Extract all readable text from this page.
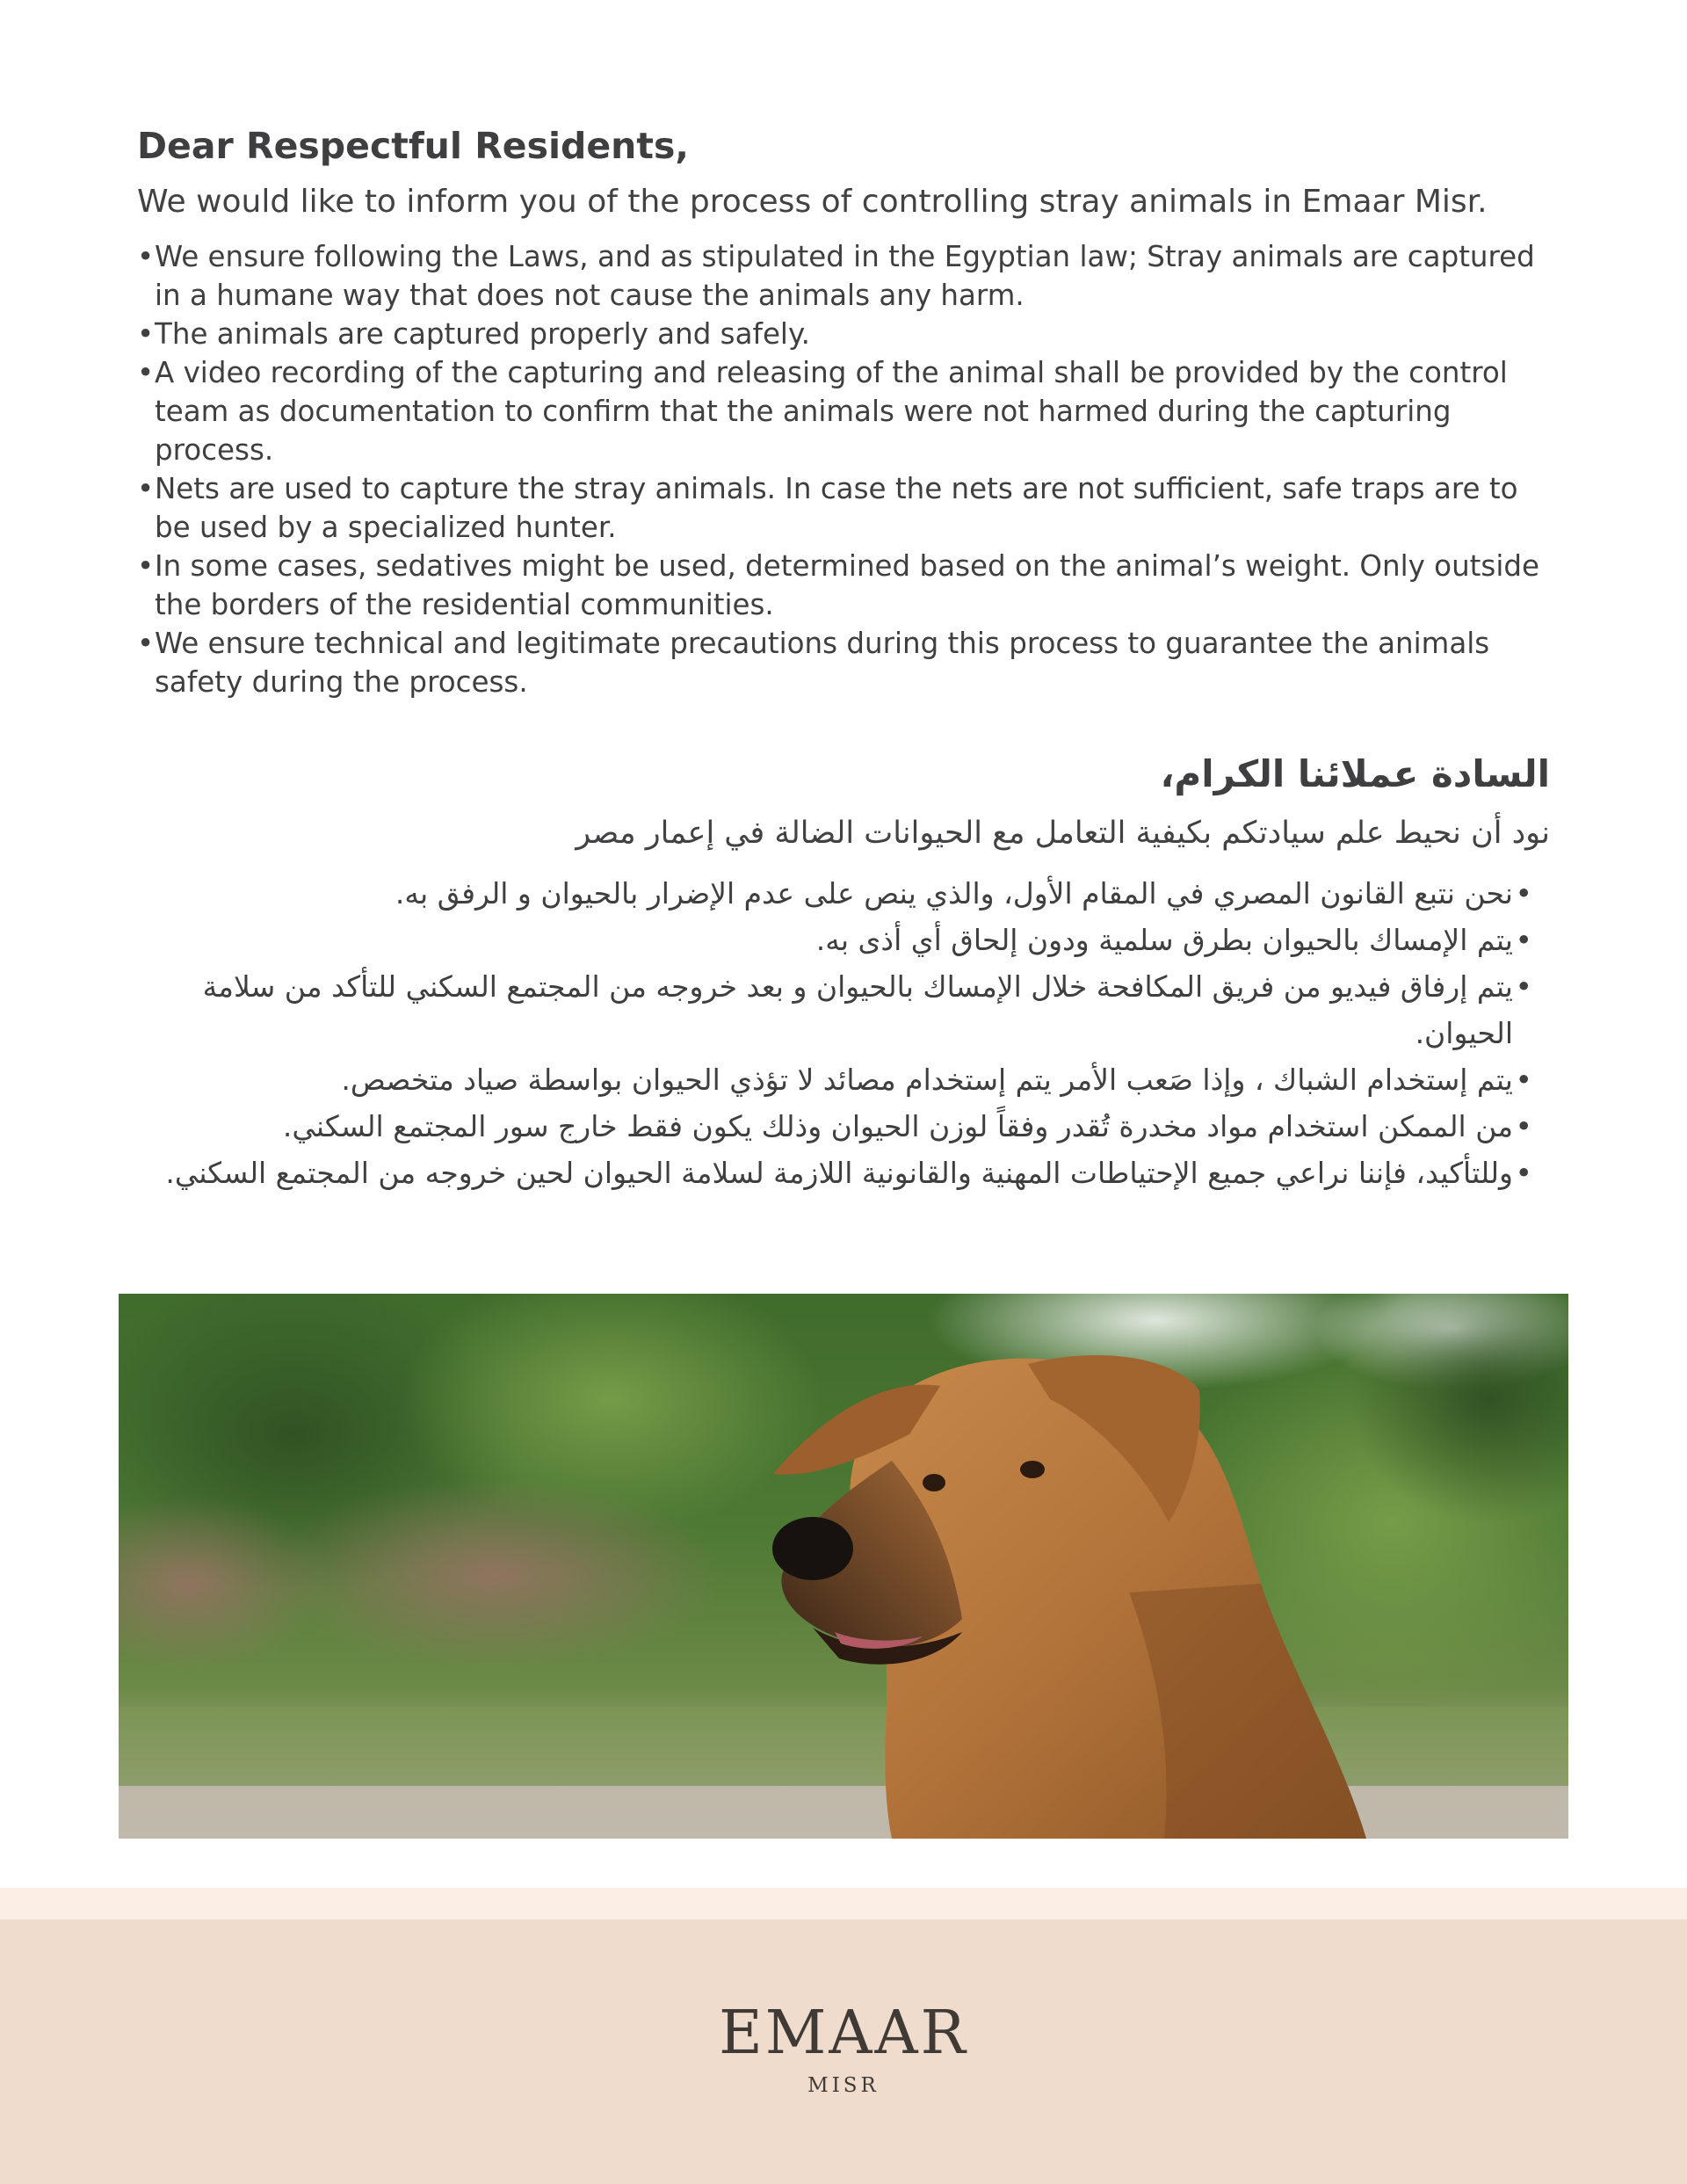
Dear Respectful Residents,

We would like to inform you of the process of controlling stray animals in Emaar Misr.

• We ensure following the Laws, and as stipulated in the Egyptian law; Stray animals are captured in a humane way that does not cause the animals any harm.
• The animals are captured properly and safely.
• A video recording of the capturing and releasing of the animal shall be provided by the control team as documentation to confirm that the animals were not harmed during the capturing process.
• Nets are used to capture the stray animals. In case the nets are not sufficient, safe traps are to be used by a specialized hunter.
• In some cases, sedatives might be used, determined based on the animal’s weight. Only outside the borders of the residential communities.
• We ensure technical and legitimate precautions during this process to guarantee the animals safety during the process.
السادة عملائنا الكرام،

نود أن نحيط علم سيادتكم بكيفية التعامل مع الحيوانات الضالة في إعمار مصر

• نحن نتبع القانون المصري في المقام الأول، والذي ينص على عدم الإضرار بالحيوان و الرفق به.
• يتم الإمساك بالحيوان بطرق سلمية ودون إلحاق أي أذى به.
• يتم إرفاق فيديو من فريق المكافحة خلال الإمساك بالحيوان و بعد خروجه من المجتمع السكني للتأكد من سلامة الحيوان.
• يتم إستخدام الشباك ، وإذا صَعب الأمر يتم إستخدام مصائد لا تؤذي الحيوان بواسطة صياد متخصص.
• من الممكن استخدام مواد مخدرة تُقدر وفقاً لوزن الحيوان وذلك يكون فقط خارج سور المجتمع السكني.
• وللتأكيد، فإننا نراعي جميع الإحتياطات المهنية والقانونية اللازمة لسلامة الحيوان لحين خروجه من المجتمع السكني.
EMAAR
MISR
